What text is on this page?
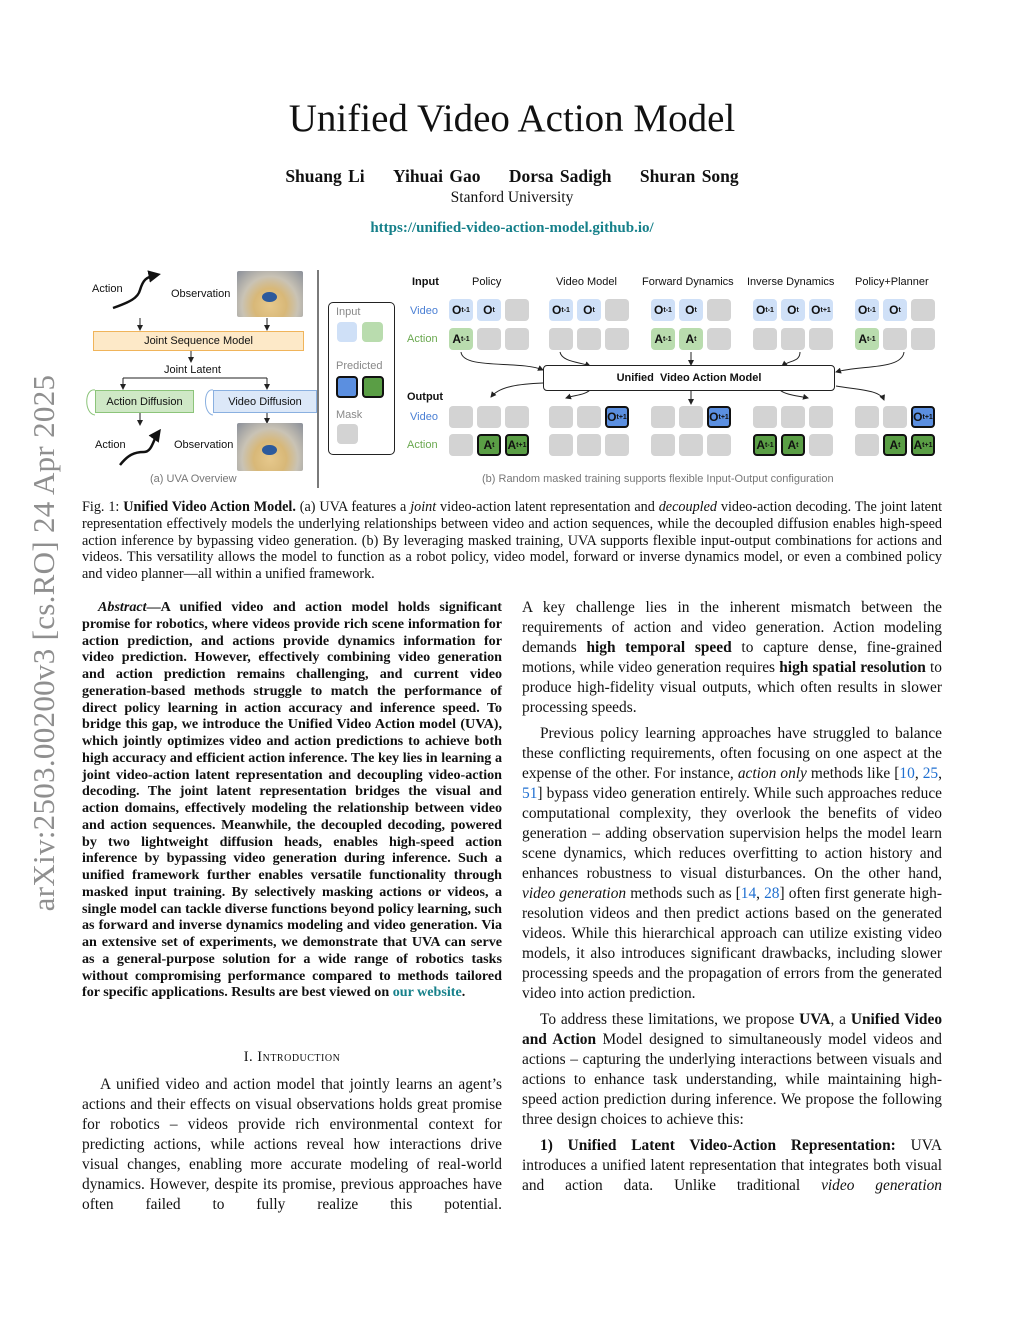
arXiv:2503.00200v3 [cs.RO] 24 Apr 2025
Unified Video Action Model
Shuang Li Yihuai Gao Dorsa Sadigh Shuran Song
Stanford University
https://unified-video-action-model.github.io/
Action	Observation
Joint Sequence Model
Joint Latent
Action Diffusion	Video Diffusion
Action	Observation
(a) UVA Overview
Input
Predicted
Mask
Input
Video
Action
Output
Video
Action
Unified  Video Action Model
Policy
O t-1 O t
A t-1
A t A t+1
Video Model
O t-1 O t
O t+1
Forward Dynamics
O t-1 O t
A t-1 A t
O t+1
Inverse Dynamics
O t-1 O t O t+1
A t-1 A t
Policy+Planner
O t-1 O t
A t-1
O t+1
A t A t+1
(b) Random masked training supports flexible Input-Output configuration

Fig. 1: Unified Video Action Model. (a) UVA features a joint video-action latent representation and decoupled video-action decoding. The joint latent representation effectively models the underlying relationships between video and action sequences, while the decoupled diffusion enables high-speed action inference by bypassing video generation. (b) By leveraging masked training, UVA supports flexible input-output combinations for actions and videos. This versatility allows the model to function as a robot policy, video model, forward or inverse dynamics model, or even a combined policy and video planner—all within a unified framework.

Abstract—A unified video and action model holds significant promise for robotics, where videos provide rich scene information for action prediction, and actions provide dynamics information for video prediction. However, effectively combining video generation and action prediction remains challenging, and current video generation-based methods struggle to match the performance of direct policy learning in action accuracy and inference speed. To bridge this gap, we introduce the Unified Video Action model (UVA), which jointly optimizes video and action predictions to achieve both high accuracy and efficient action inference. The key lies in learning a joint video-action latent representation and decoupling video-action decoding. The joint latent representation bridges the visual and action domains, effectively modeling the relationship between video and action sequences. Meanwhile, the decoupled decoding, powered by two lightweight diffusion heads, enables high-speed action inference by bypassing video generation during inference. Such a unified framework further enables versatile functionality through masked input training. By selectively masking actions or videos, a single model can tackle diverse functions beyond policy learning, such as forward and inverse dynamics modeling and video generation. Via an extensive set of experiments, we demonstrate that UVA can serve as a general-purpose solution for a wide range of robotics tasks without compromising performance compared to methods tailored for specific applications. Results are best viewed on our website.

I. Introduction

A unified video and action model that jointly learns an agent’s actions and their effects on visual observations holds great promise for robotics – videos provide rich environmental context for predicting actions, while actions reveal how interactions drive visual changes, enabling more accurate modeling of real-world dynamics. However, despite its promise, previous approaches have often failed to fully realize this potential.

A key challenge lies in the inherent mismatch between the requirements of action and video generation. Action modeling demands high temporal speed to capture dense, fine-grained motions, while video generation requires high spatial resolution to produce high-fidelity visual outputs, which often results in slower processing speeds.

Previous policy learning approaches have struggled to balance these conflicting requirements, often focusing on one aspect at the expense of the other. For instance, action only methods like [10, 25, 51] bypass video generation entirely. While such approaches reduce computational complexity, they overlook the benefits of video generation – adding observation supervision helps the model learn scene dynamics, which reduces overfitting to action history and enhances robustness to visual disturbances. On the other hand, video generation methods such as [14, 28] often first generate high-resolution videos and then predict actions based on the generated videos. While this hierarchical approach can utilize existing video models, it also introduces significant drawbacks, including slower processing speeds and the propagation of errors from the generated video into action prediction.

To address these limitations, we propose UVA, a Unified Video and Action Model designed to simultaneously model videos and actions – capturing the underlying interactions between visuals and actions to enhance task understanding, while maintaining high-speed action prediction during inference. We propose the following three design choices to achieve this:

1) Unified Latent Video-Action Representation: UVA introduces a unified latent representation that integrates both visual and action data. Unlike traditional video generation
